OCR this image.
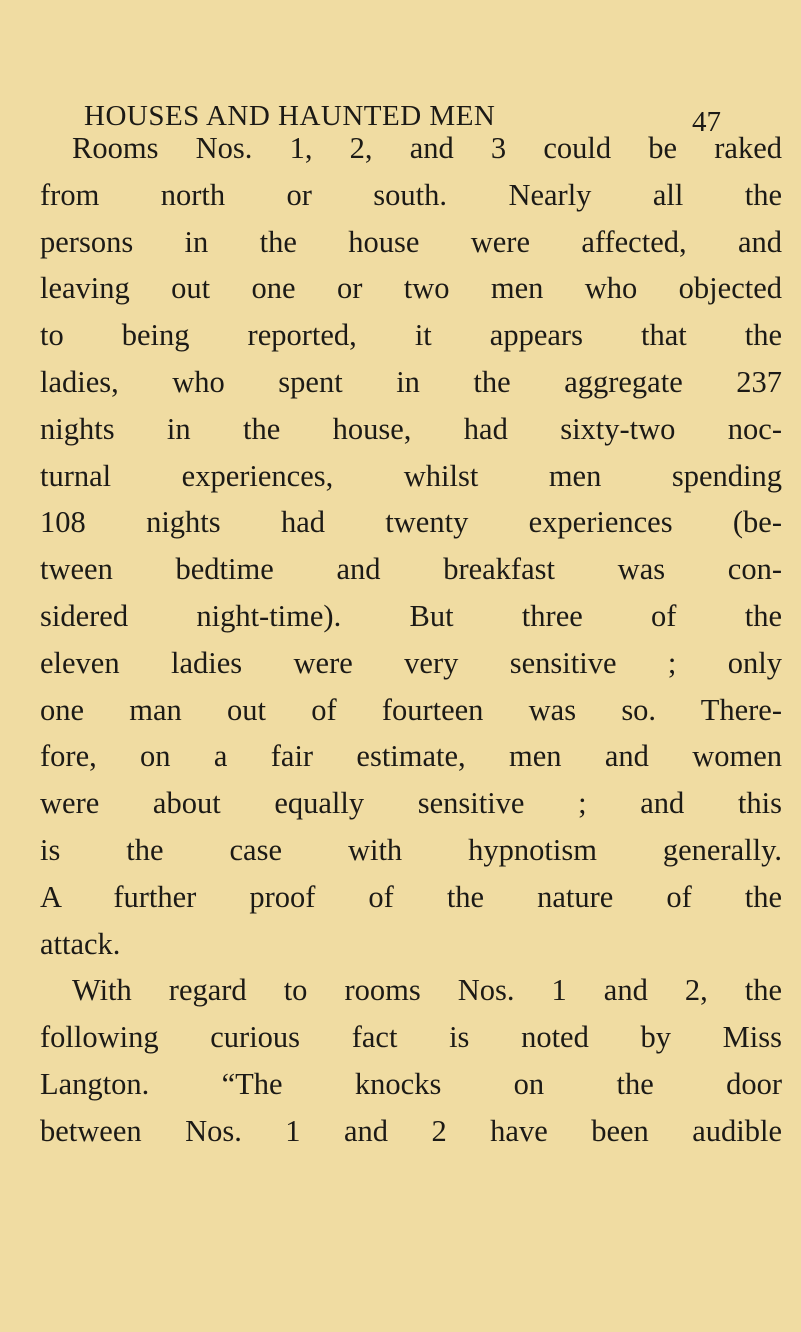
HOUSES AND HAUNTED MEN	47
Rooms Nos. 1, 2, and 3 could be raked
from north or south. Nearly all the
persons in the house were affected, and
leaving out one or two men who objected
to being reported, it appears that the
ladies, who spent in the aggregate 237
nights in the house, had sixty-two noc-
turnal experiences, whilst men spending
108 nights had twenty experiences (be-
tween bedtime and breakfast was con-
sidered night-time). But three of the
eleven ladies were very sensitive ; only
one man out of fourteen was so. There-
fore, on a fair estimate, men and women
were about equally sensitive ; and this
is the case with hypnotism generally.
A further proof of the nature of the
attack.
With regard to rooms Nos. 1 and 2, the
following curious fact is noted by Miss
Langton. “The knocks on the door
between Nos. 1 and 2 have been audible
